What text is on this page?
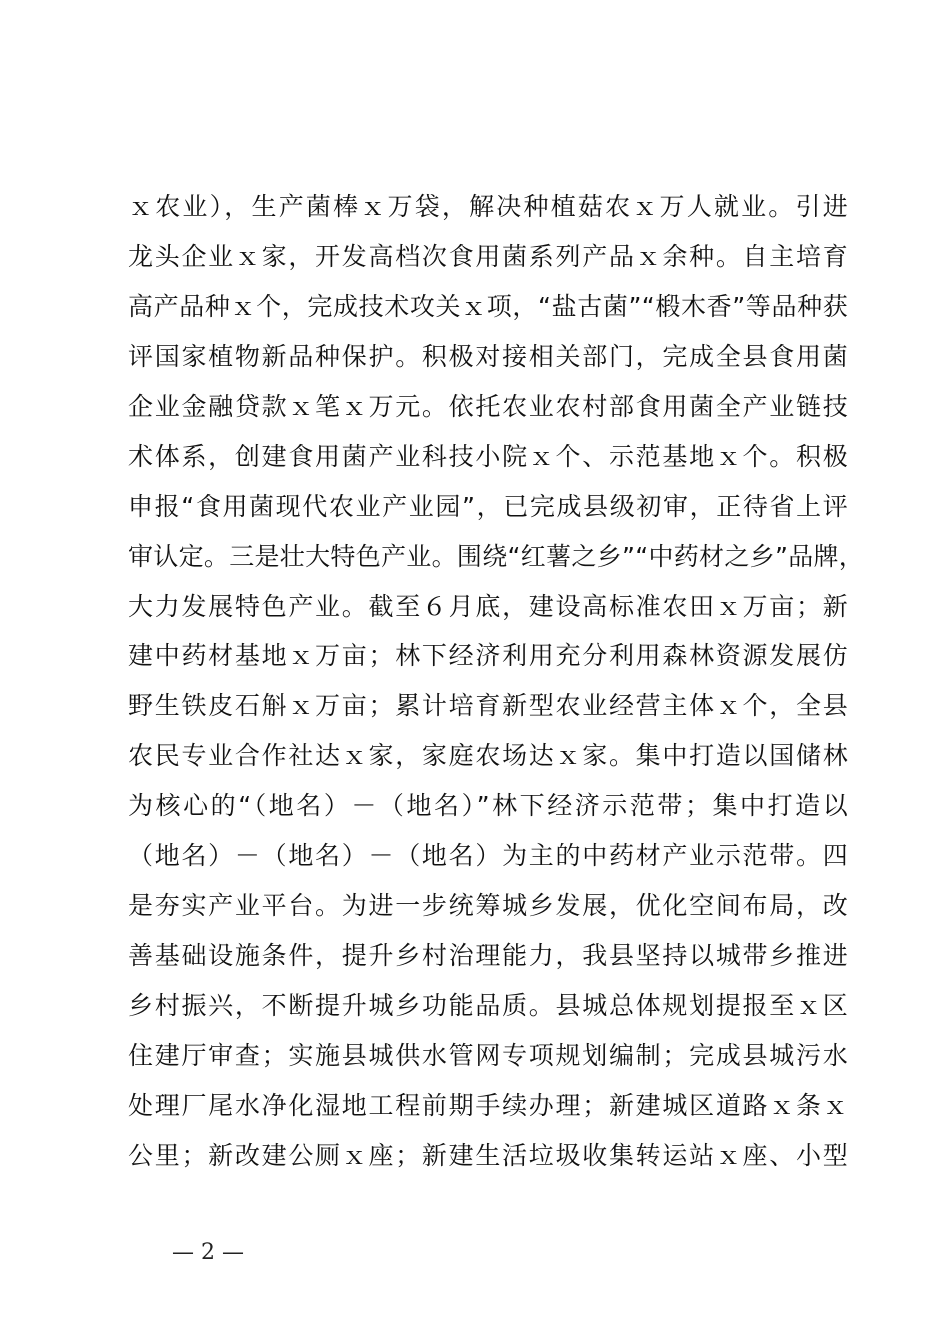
ｘ农业），生产菌棒ｘ万袋，解决种植菇农ｘ万人就业。引进
龙头企业ｘ家，开发高档次食用菌系列产品ｘ余种。自主培育
高产品种ｘ个，完成技术攻关ｘ项，“盐古菌”“椴木香”等品种获
评国家植物新品种保护。积极对接相关部门，完成全县食用菌
企业金融贷款ｘ笔ｘ万元。依托农业农村部食用菌全产业链技
术体系，创建食用菌产业科技小院ｘ个、示范基地ｘ个。积极
申报“食用菌现代农业产业园”，已完成县级初审，正待省上评
审认定。三是壮大特色产业。围绕“红薯之乡”“中药材之乡”品牌，
大力发展特色产业。截至６月底，建设高标准农田ｘ万亩；新
建中药材基地ｘ万亩；林下经济利用充分利用森林资源发展仿
野生铁皮石斛ｘ万亩；累计培育新型农业经营主体ｘ个，全县
农民专业合作社达ｘ家，家庭农场达ｘ家。集中打造以国储林
为核心的“（地名）－（地名）”林下经济示范带；集中打造以
（地名）－（地名）－（地名）为主的中药材产业示范带。四
是夯实产业平台。为进一步统筹城乡发展，优化空间布局，改
善基础设施条件，提升乡村治理能力，我县坚持以城带乡推进
乡村振兴，不断提升城乡功能品质。县城总体规划提报至ｘ区
住建厅审查；实施县城供水管网专项规划编制；完成县城污水
处理厂尾水净化湿地工程前期手续办理；新建城区道路ｘ条ｘ
公里；新改建公厕ｘ座；新建生活垃圾收集转运站ｘ座、小型
— 2 —
